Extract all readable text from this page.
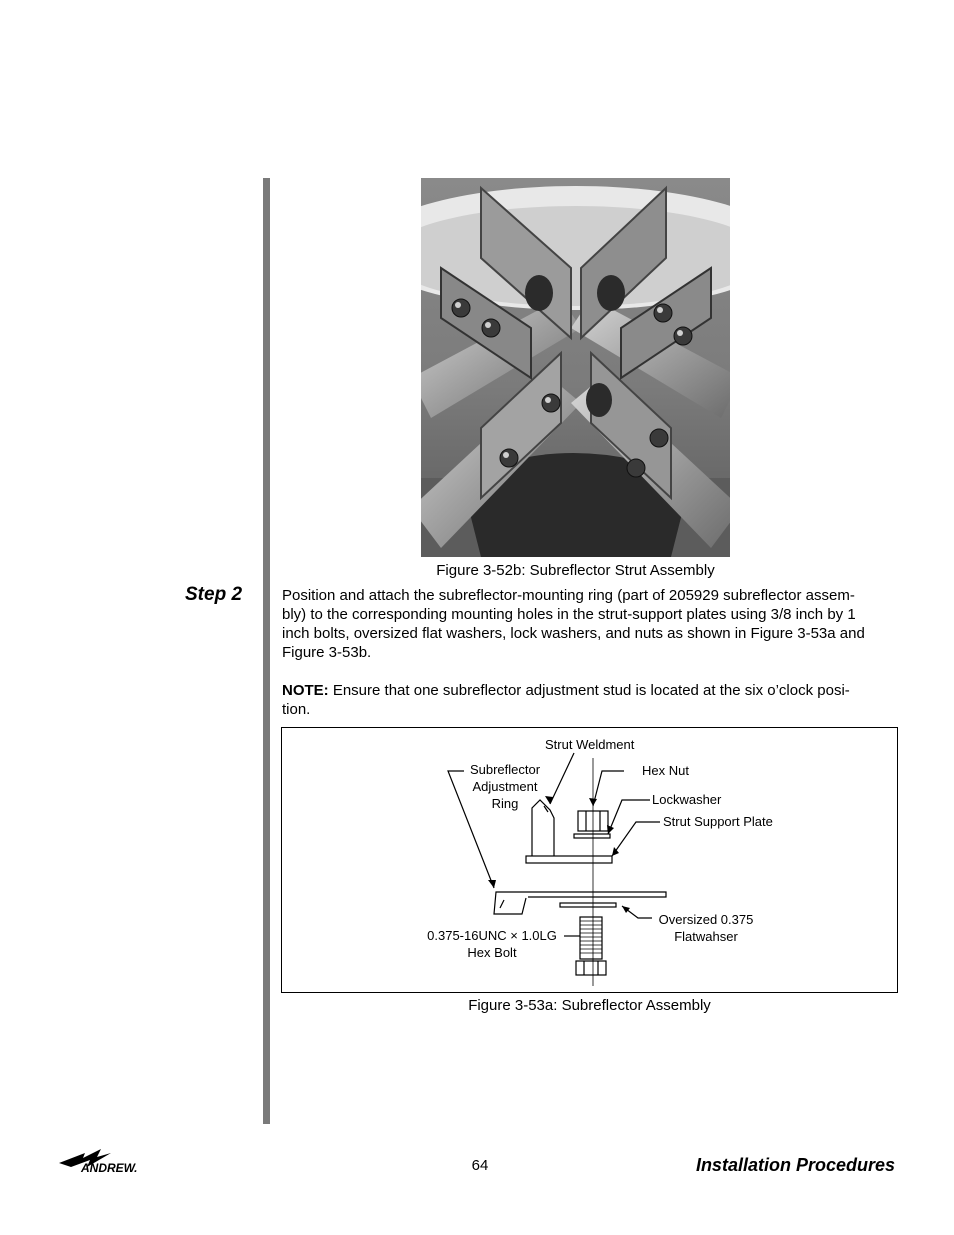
Figure 3-52b: Subreflector Strut Assembly
Step 2	Position and attach the subreflector-mounting ring (part of 205929 subreflector assem-
bly) to the corresponding mounting holes in the strut-support plates using 3/8 inch by 1
inch bolts, oversized flat washers, lock washers, and nuts as shown in Figure 3-53a and
Figure 3-53b.

NOTE: Ensure that one subreflector adjustment stud is located at the six o’clock posi-
tion.

Strut Weldment
Hex Nut
Lockwasher
Strut Support Plate
Subreflector
Adjustment
Ring
0.375-16UNC × 1.0LG
Hex Bolt
Oversized 0.375
Flatwahser
Figure 3-53a: Subreflector Assembly
ANDREW.	64	Installation Procedures
